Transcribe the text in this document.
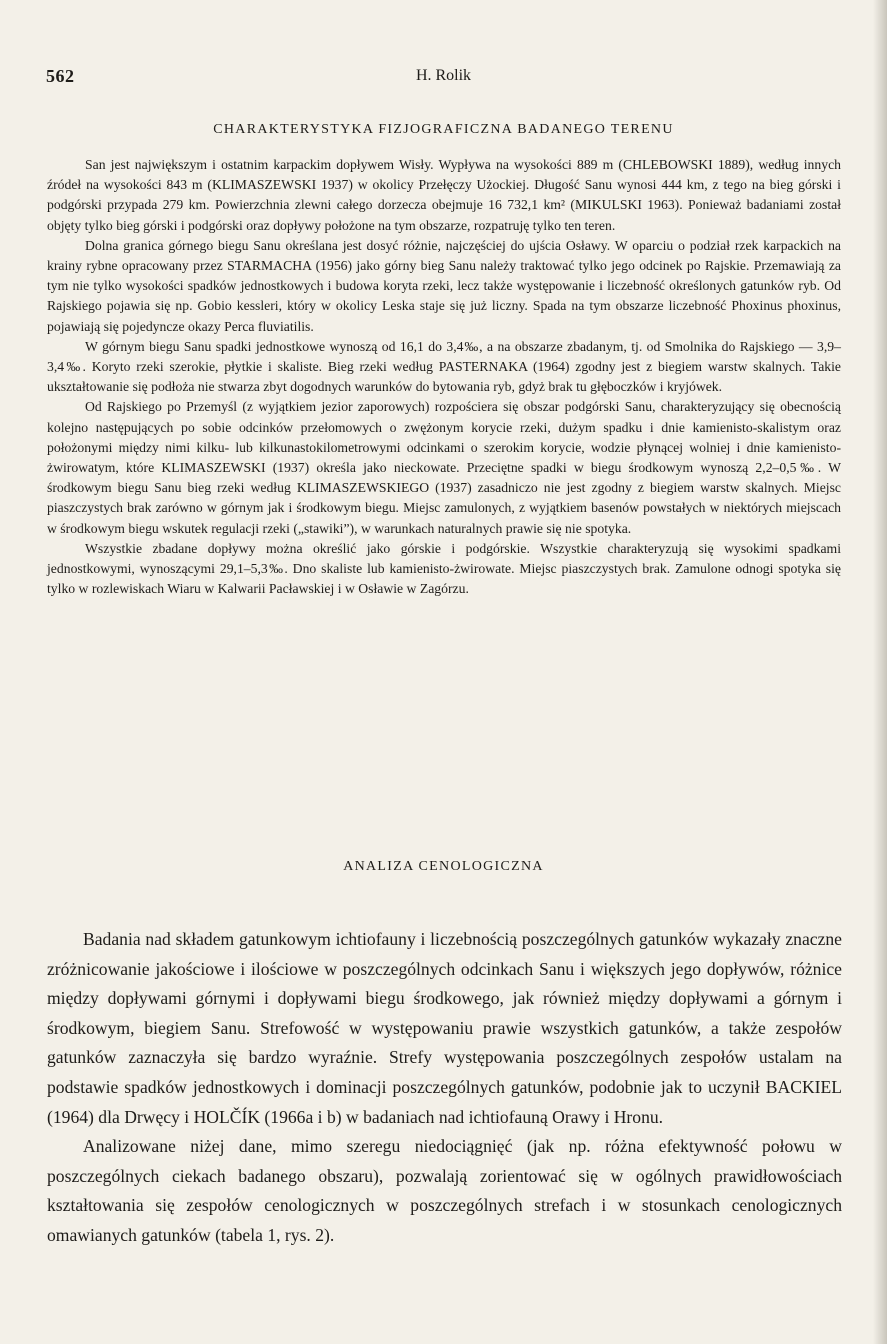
562	H. Rolik
CHARAKTERYSTYKA FIZJOGRAFICZNA BADANEGO TERENU

San jest największym i ostatnim karpackim dopływem Wisły. Wypływa na wysokości 889 m (CHLEBOWSKI 1889), według innych źródeł na wysokości 843 m (KLIMASZEWSKI 1937) w okolicy Przełęczy Użockiej. Długość Sanu wynosi 444 km, z tego na bieg górski i podgórski przypada 279 km. Powierzchnia zlewni całego dorzecza obejmuje 16 732,1 km² (MIKULSKI 1963). Ponieważ badaniami został objęty tylko bieg górski i podgórski oraz dopływy położone na tym obszarze, rozpatruję tylko ten teren.

Dolna granica górnego biegu Sanu określana jest dosyć różnie, najczęściej do ujścia Osławy. W oparciu o podział rzek karpackich na krainy rybne opracowany przez STARMACHA (1956) jako górny bieg Sanu należy traktować tylko jego odcinek po Rajskie. Przemawiają za tym nie tylko wysokości spadków jednostkowych i budowa koryta rzeki, lecz także występowanie i liczebność określonych gatunków ryb. Od Rajskiego pojawia się np. Gobio kessleri, który w okolicy Leska staje się już liczny. Spada na tym obszarze liczebność Phoxinus phoxinus, pojawiają się pojedyncze okazy Perca fluviatilis.

W górnym biegu Sanu spadki jednostkowe wynoszą od 16,1 do 3,4‰, a na obszarze zbadanym, tj. od Smolnika do Rajskiego — 3,9–3,4‰. Koryto rzeki szerokie, płytkie i skaliste. Bieg rzeki według PASTERNAKA (1964) zgodny jest z biegiem warstw skalnych. Takie ukształtowanie się podłoża nie stwarza zbyt dogodnych warunków do bytowania ryb, gdyż brak tu głęboczków i kryjówek.

Od Rajskiego po Przemyśl (z wyjątkiem jezior zaporowych) rozpościera się obszar podgórski Sanu, charakteryzujący się obecnością kolejno następujących po sobie odcinków przełomowych o zwężonym korycie rzeki, dużym spadku i dnie kamienisto-skalistym oraz położonymi między nimi kilku- lub kilkunastokilometrowymi odcinkami o szerokim korycie, wodzie płynącej wolniej i dnie kamienisto-żwirowatym, które KLIMASZEWSKI (1937) określa jako nieckowate. Przeciętne spadki w biegu środkowym wynoszą 2,2–0,5‰. W środkowym biegu Sanu bieg rzeki według KLIMASZEWSKIEGO (1937) zasadniczo nie jest zgodny z biegiem warstw skalnych. Miejsc piaszczystych brak zarówno w górnym jak i środkowym biegu. Miejsc zamulonych, z wyjątkiem basenów powstałych w niektórych miejscach w środkowym biegu wskutek regulacji rzeki („stawiki”), w warunkach naturalnych prawie się nie spotyka.

Wszystkie zbadane dopływy można określić jako górskie i podgórskie. Wszystkie charakteryzują się wysokimi spadkami jednostkowymi, wynoszącymi 29,1–5,3‰. Dno skaliste lub kamienisto-żwirowate. Miejsc piaszczystych brak. Zamulone odnogi spotyka się tylko w rozlewiskach Wiaru w Kalwarii Pacławskiej i w Osławie w Zagórzu.

ANALIZA CENOLOGICZNA

Badania nad składem gatunkowym ichtiofauny i liczebnością poszczególnych gatunków wykazały znaczne zróżnicowanie jakościowe i ilościowe w poszczególnych odcinkach Sanu i większych jego dopływów, różnice między dopływami górnymi i dopływami biegu środkowego, jak również między dopływami a górnym i środkowym, biegiem Sanu. Strefowość w występowaniu prawie wszystkich gatunków, a także zespołów gatunków zaznaczyła się bardzo wyraźnie. Strefy występowania poszczególnych zespołów ustalam na podstawie spadków jednostkowych i dominacji poszczególnych gatunków, podobnie jak to uczynił BACKIEL (1964) dla Drwęcy i HOLČÍK (1966a i b) w badaniach nad ichtiofauną Orawy i Hronu.

Analizowane niżej dane, mimo szeregu niedociągnięć (jak np. różna efektywność połowu w poszczególnych ciekach badanego obszaru), pozwalają zorientować się w ogólnych prawidłowościach kształtowania się zespołów cenologicznych w poszczególnych strefach i w stosunkach cenologicznych omawianych gatunków (tabela 1, rys. 2).
